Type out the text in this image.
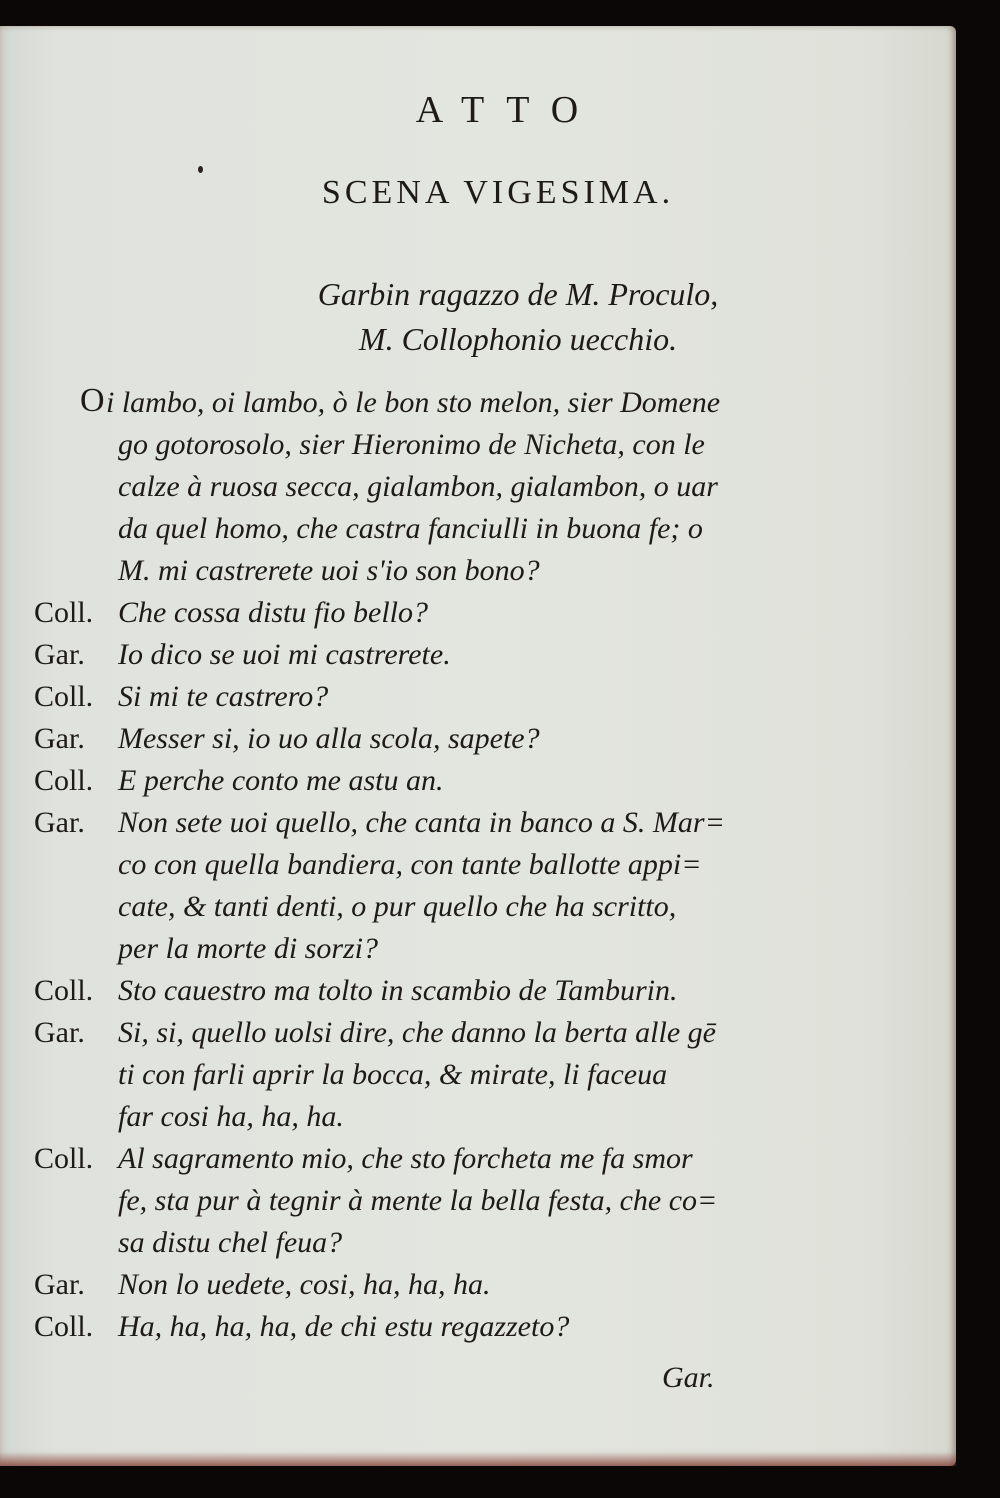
ATTO
SCENA VIGESIMA.
Garbin ragazzo de M. Proculo,
M. Collophonio uecchio.
O i lambo, oi lambo, ò le bon sto melon, sier Domene
go gotorosolo, sier Hieronimo de Nicheta, con le
calze à ruosa secca, gialambon, gialambon, o uar
da quel homo, che castra fanciulli in buona fe; o
M. mi castrerete uoi s'io son bono?
Coll. Che cossa distu fio bello?
Gar. Io dico se uoi mi castrerete.
Coll. Si mi te castrero?
Gar. Messer si, io uo alla scola, sapete?
Coll. E perche conto me astu an.
Gar. Non sete uoi quello, che canta in banco a S. Mar=
co con quella bandiera, con tante ballotte appi=
cate, & tanti denti, o pur quello che ha scritto,
per la morte di sorzi?
Coll. Sto cauestro ma tolto in scambio de Tamburin.
Gar. Si, si, quello uolsi dire, che danno la berta alle gē
ti con farli aprir la bocca, & mirate, li faceua
far cosi ha, ha, ha.
Coll. Al sagramento mio, che sto forcheta me fa smor
fe, sta pur à tegnir à mente la bella festa, che co=
sa distu chel feua?
Gar. Non lo uedete, cosi, ha, ha, ha.
Coll. Ha, ha, ha, ha, de chi estu regazzeto?
Gar.
